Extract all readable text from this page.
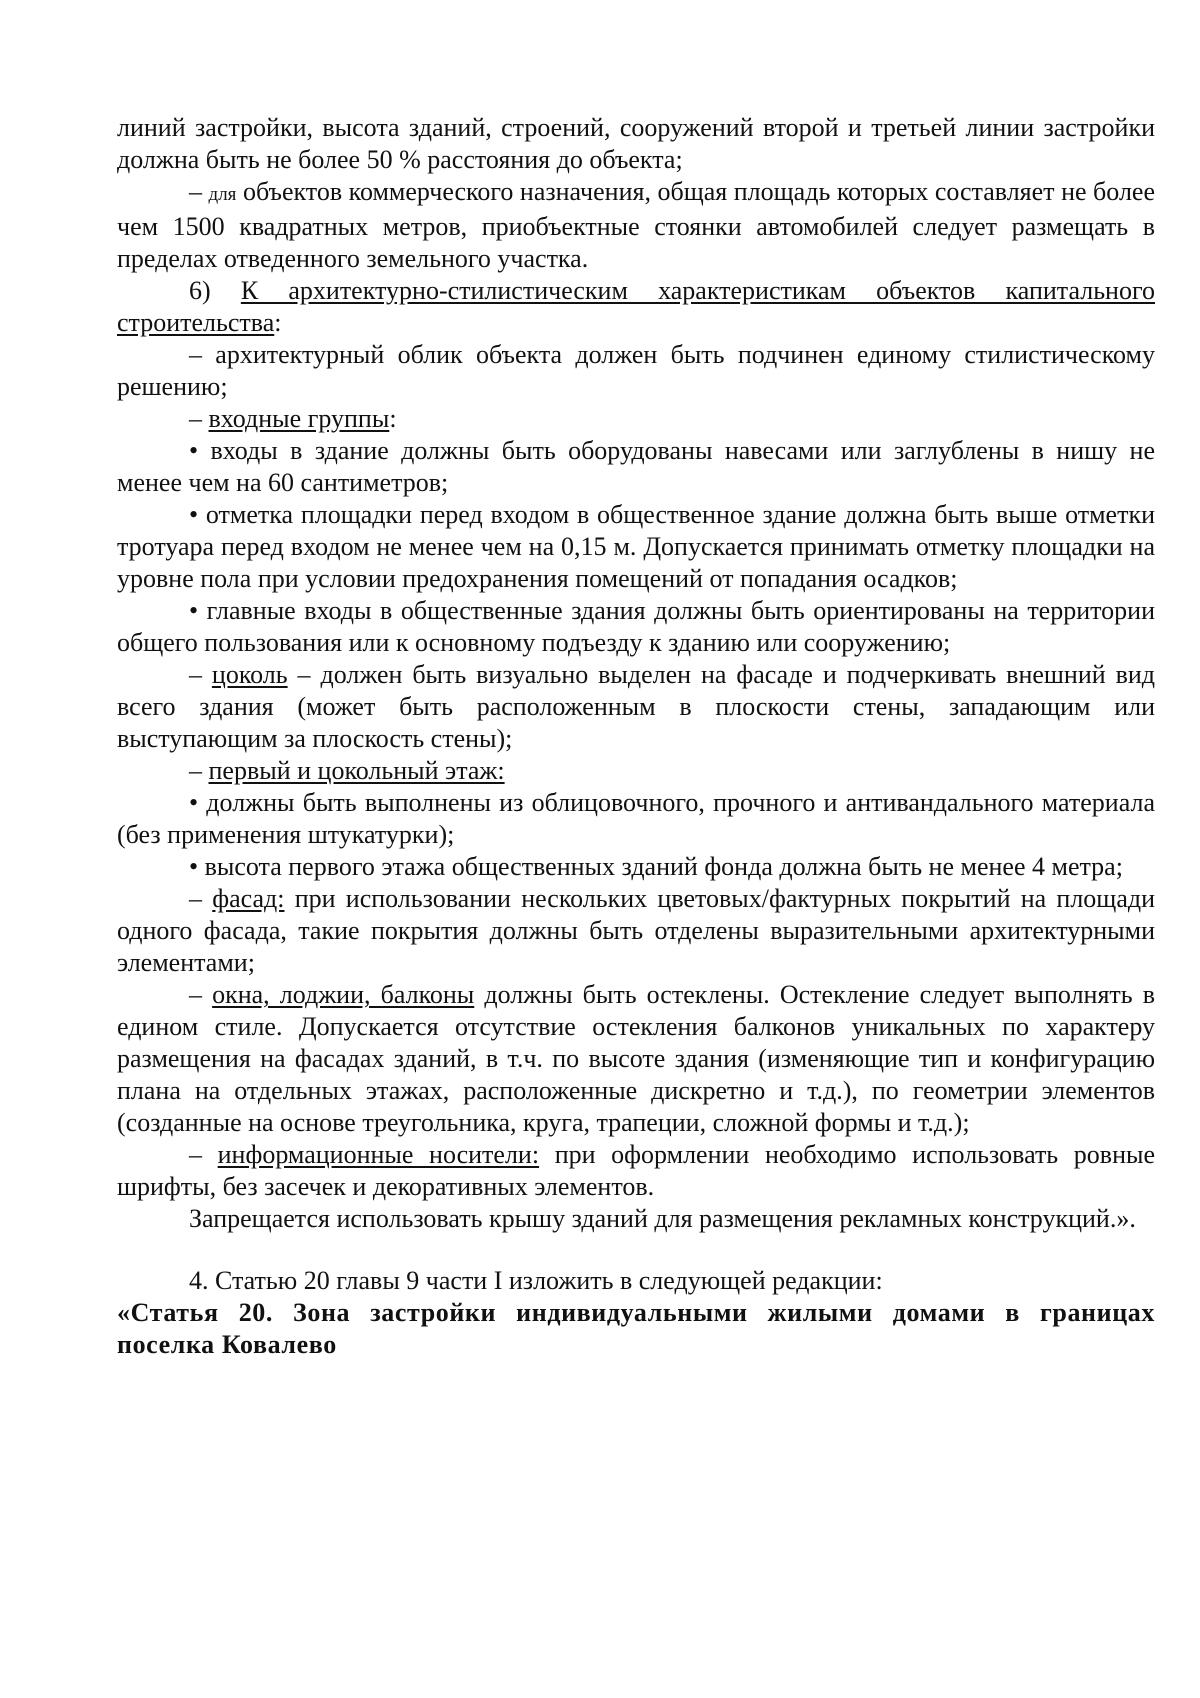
линий застройки, высота зданий, строений, сооружений второй и третьей линии застройки должна быть не более 50 % расстояния до объекта;

– для объектов коммерческого назначения, общая площадь которых составляет не более чем 1500 квадратных метров, приобъектные стоянки автомобилей следует размещать в пределах отведенного земельного участка.

6) К архитектурно-стилистическим характеристикам объектов капитального строительства:

– архитектурный облик объекта должен быть подчинен единому стилистическому решению;

– входные группы:

• входы в здание должны быть оборудованы навесами или заглублены в нишу не менее чем на 60 сантиметров;

• отметка площадки перед входом в общественное здание должна быть выше отметки тротуара перед входом не менее чем на 0,15 м. Допускается принимать отметку площадки на уровне пола при условии предохранения помещений от попадания осадков;

• главные входы в общественные здания должны быть ориентированы на территории общего пользования или к основному подъезду к зданию или сооружению;

– цоколь – должен быть визуально выделен на фасаде и подчеркивать внешний вид всего здания (может быть расположенным в плоскости стены, западающим или выступающим за плоскость стены);

– первый и цокольный этаж:

• должны быть выполнены из облицовочного, прочного и антивандального материала (без применения штукатурки);

• высота первого этажа общественных зданий фонда должна быть не менее 4 метра;

– фасад: при использовании нескольких цветовых/фактурных покрытий на площади одного фасада, такие покрытия должны быть отделены выразительными архитектурными элементами;

– окна, лоджии, балконы должны быть остеклены. Остекление следует выполнять в едином стиле. Допускается отсутствие остекления балконов уникальных по характеру размещения на фасадах зданий, в т.ч. по высоте здания (изменяющие тип и конфигурацию плана на отдельных этажах, расположенные дискретно и т.д.), по геометрии элементов (созданные на основе треугольника, круга, трапеции, сложной формы и т.д.);

– информационные носители: при оформлении необходимо использовать ровные шрифты, без засечек и декоративных элементов.

Запрещается использовать крышу зданий для размещения рекламных конструкций.».

4. Статью 20 главы 9 части I изложить в следующей редакции:

«Статья 20. Зона застройки индивидуальными жилыми домами в границах поселка Ковалево
